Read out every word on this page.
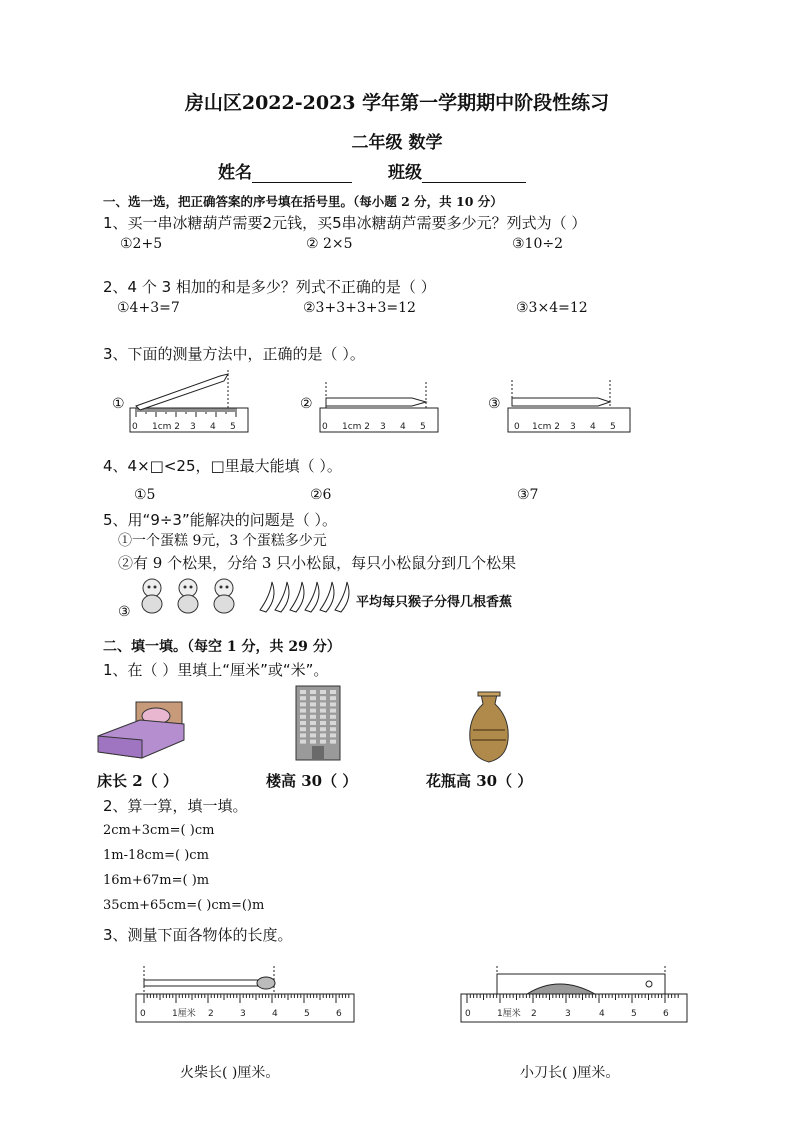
房山区2022-2023 学年第一学期期中阶段性练习
二年级 数学
姓名	班级
一、选一选，把正确答案的序号填在括号里。（每小题 2 分，共 10 分）
1、买一串冰糖葫芦需要2元钱，买5串冰糖葫芦需要多少元？列式为（ ）
①2+5	② 2×5	③10÷2
2、4 个 3 相加的和是多少？列式不正确的是（ ）
①4+3=7	②3+3+3+3=12	③3×4=12
3、下面的测量方法中，正确的是（ ）。
①
0 1cm 2 3 4 5
②
0 1cm 2 3 4 5
③
0 1cm 2 3 4 5
4、4×□<25，□里最大能填（ ）。
①5	②6	③7
5、用“9÷3”能解决的问题是（ ）。
①一个蛋糕 9元，3 个蛋糕多少元
②有 9 个松果，分给 3 只小松鼠，每只小松鼠分到几个松果
③
平均每只猴子分得几根香蕉
二、填一填。（每空 1 分，共 29 分）
1、在（ ）里填上“厘米”或“米”。
床长 2（ ）	楼高 30（ ）	花瓶高 30（ ）
2、算一算，填一填。
2cm+3cm=( )cm
1m-18cm=( )cm
16m+67m=( )m
35cm+65cm=( )cm=()m
3、测量下面各物体的长度。
0	1厘米 2	3	4	5	6	0	1厘米 2	3	4	5	6
火柴长( )厘米。	小刀长( )厘米。
